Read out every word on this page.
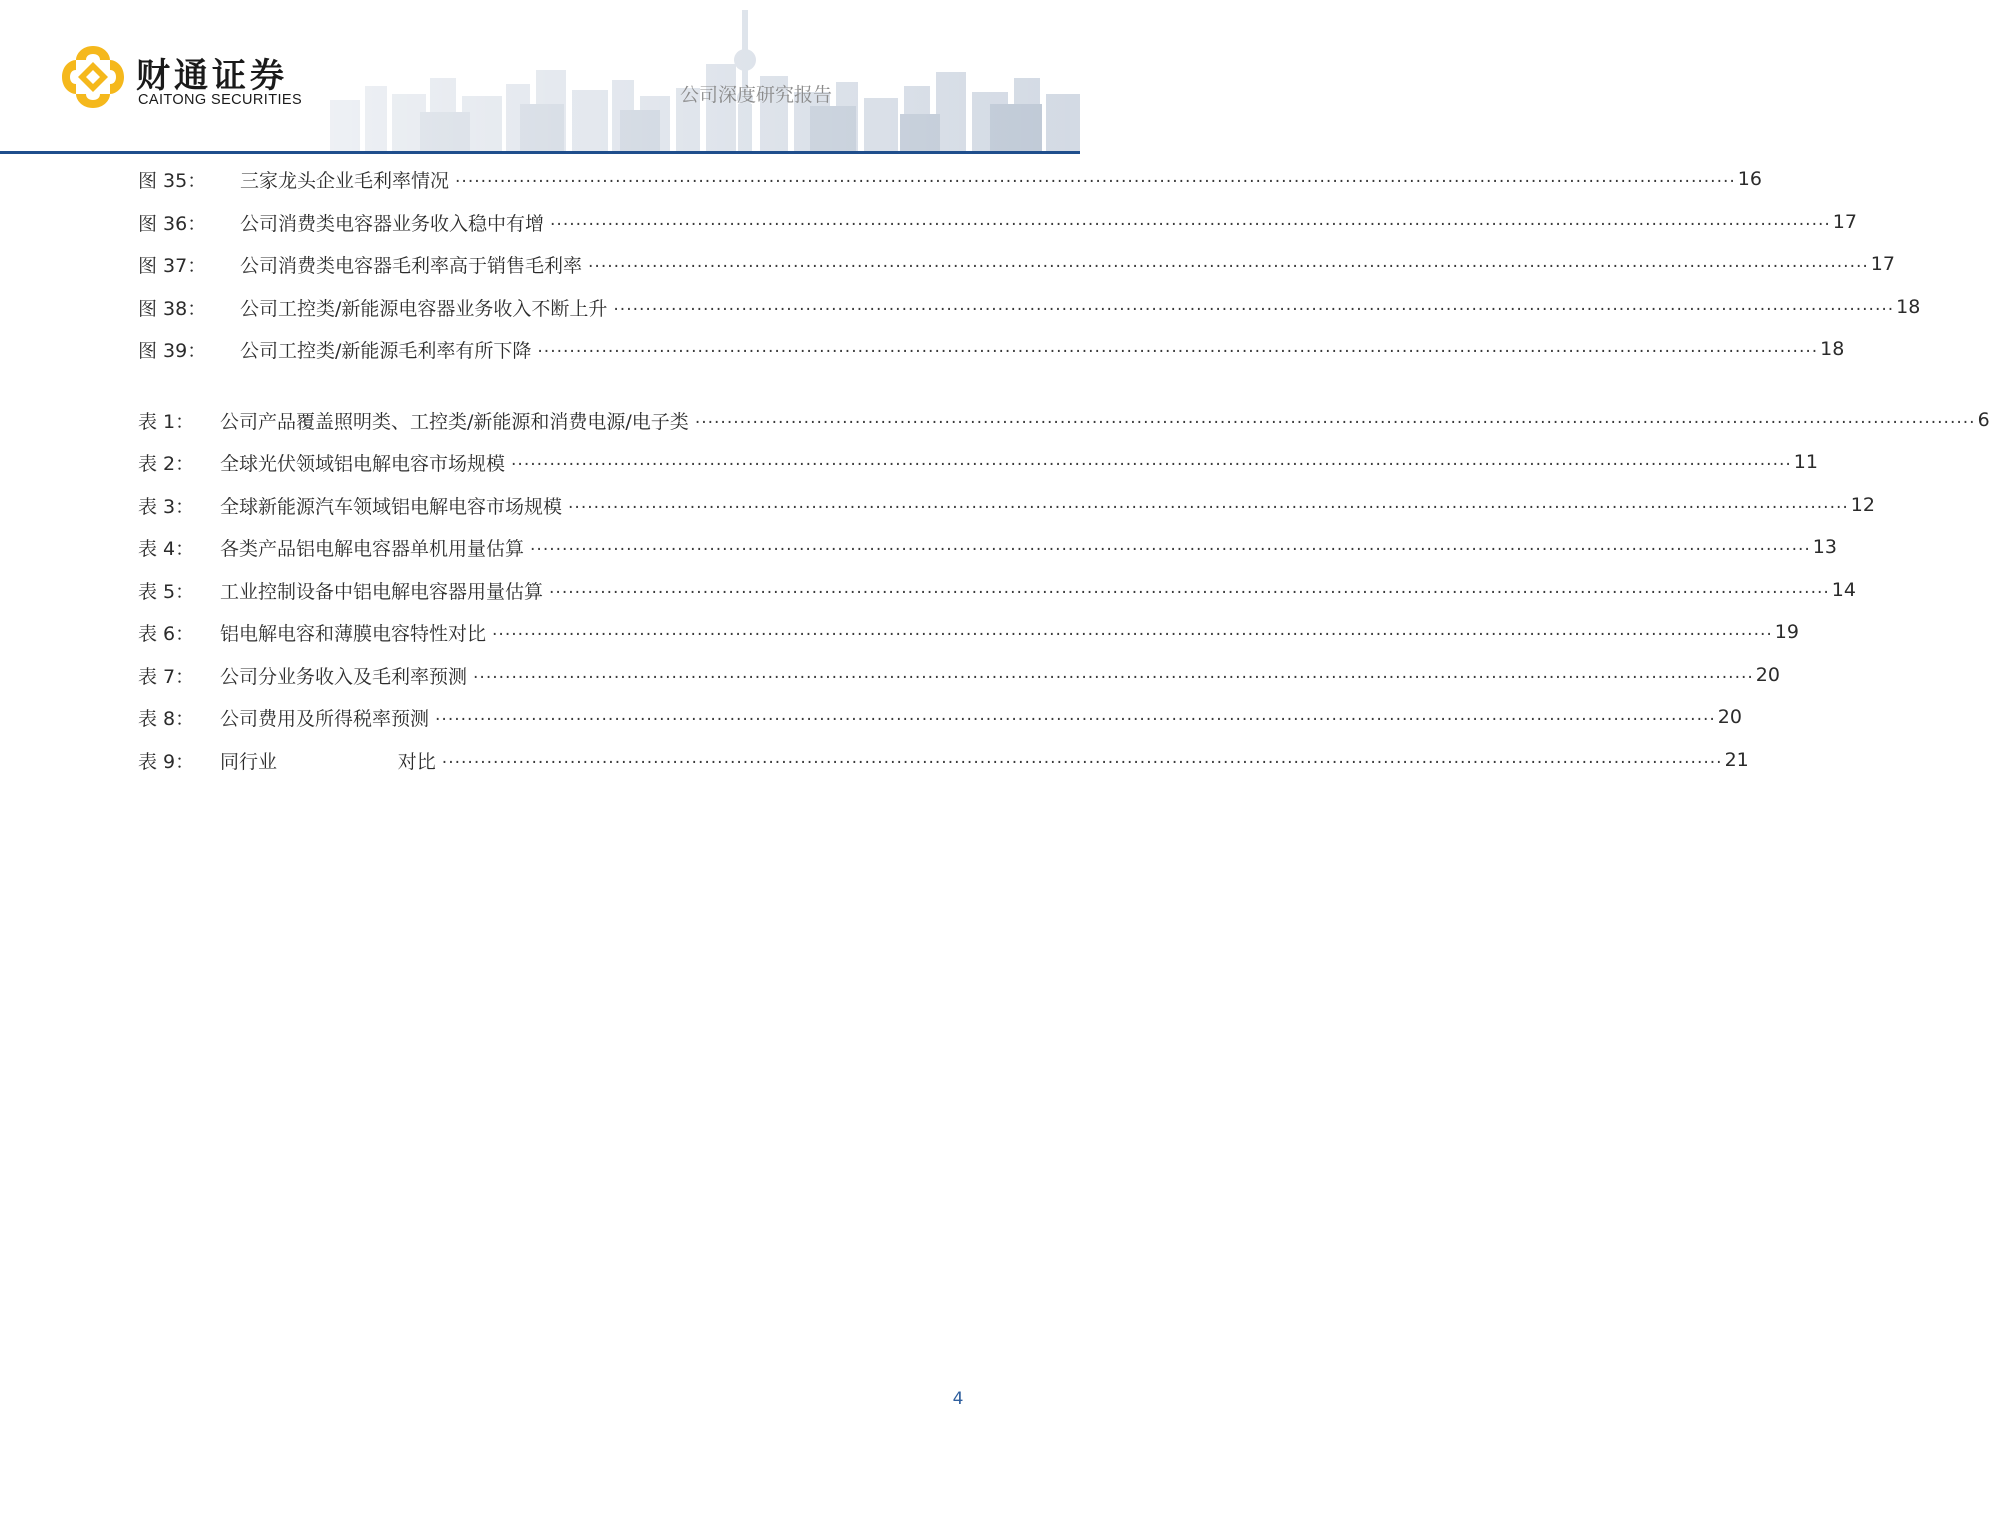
财通证券
CAITONG SECURITIES	公司深度研究报告
图 35：	三家龙头企业毛利率情况 ........................................................................................................................................................................................................ 16
图 36：	公司消费类电容器业务收入稳中有增 ........................................................................................................................................................................................................ 17
图 37：	公司消费类电容器毛利率高于销售毛利率 ........................................................................................................................................................................................................ 17
图 38：	公司工控类/新能源电容器业务收入不断上升 ........................................................................................................................................................................................................ 18
图 39：	公司工控类/新能源毛利率有所下降 ........................................................................................................................................................................................................ 18
表 1：	公司产品覆盖照明类、工控类/新能源和消费电源/电子类 ........................................................................................................................................................................................................ 6
表 2：	全球光伏领域铝电解电容市场规模 ........................................................................................................................................................................................................ 11
表 3：	全球新能源汽车领域铝电解电容市场规模 ........................................................................................................................................................................................................ 12
表 4：	各类产品铝电解电容器单机用量估算 ........................................................................................................................................................................................................ 13
表 5：	工业控制设备中铝电解电容器用量估算 ........................................................................................................................................................................................................ 14
表 6：	铝电解电容和薄膜电容特性对比 ........................................................................................................................................................................................................ 19
表 7：	公司分业务收入及毛利率预测 ........................................................................................................................................................................................................ 20
表 8：	公司费用及所得税率预测 ........................................................................................................................................................................................................ 20
表 9：	同行业                    对比 ........................................................................................................................................................................................................ 21
4
